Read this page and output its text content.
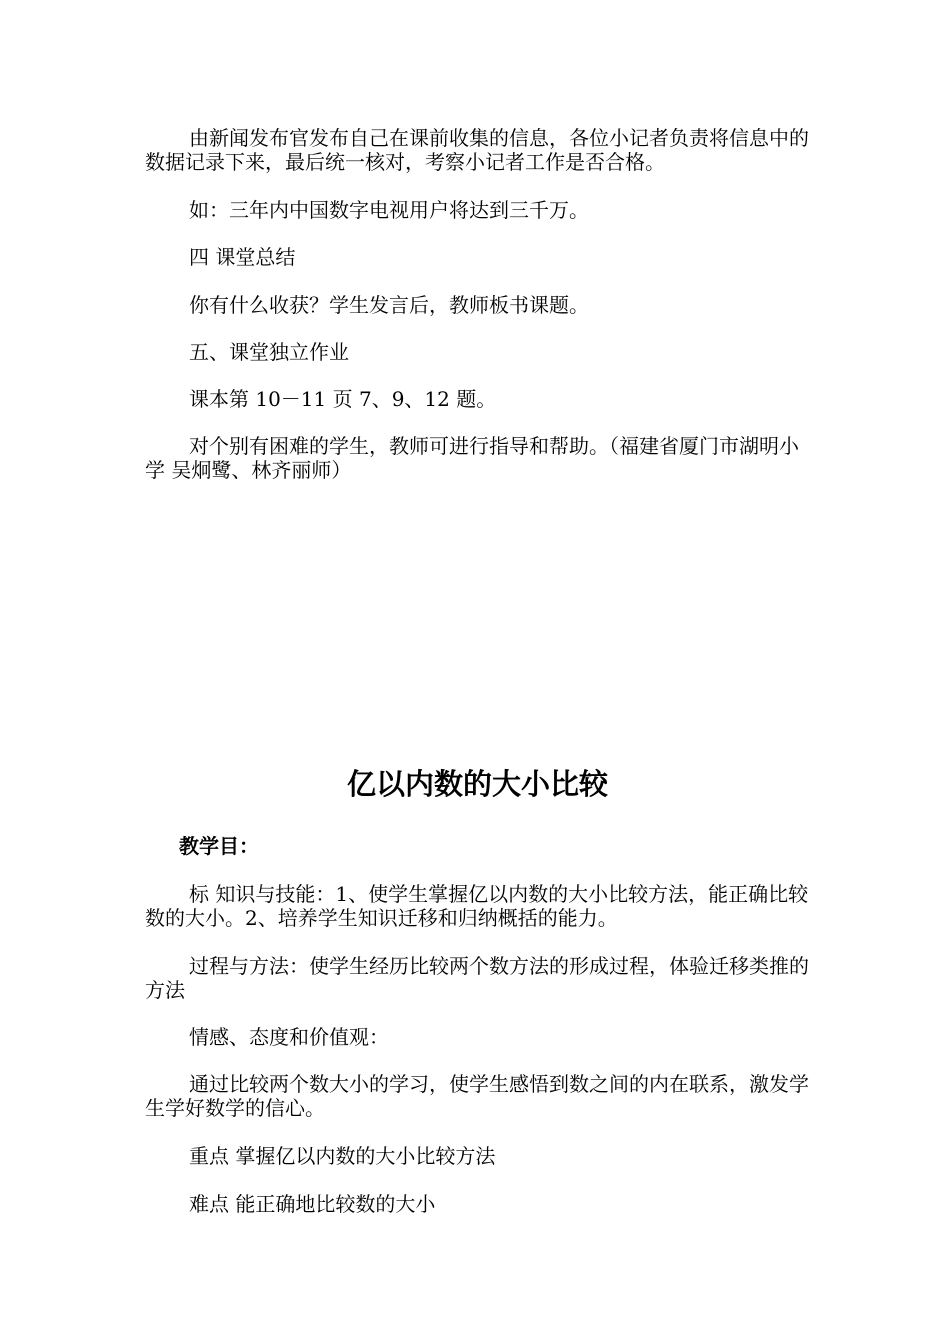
由新闻发布官发布自己在课前收集的信息，各位小记者负责将信息中的数据记录下来，最后统一核对，考察小记者工作是否合格。

如：三年内中国数字电视用户将达到三千万。

四 课堂总结

你有什么收获？学生发言后，教师板书课题。

五、课堂独立作业

课本第 10－11 页 7、9、12 题。

对个别有困难的学生，教师可进行指导和帮助。（福建省厦门市湖明小学 吴炯鹭、林齐丽师）

亿以内数的大小比较
教学目：

标 知识与技能：1、使学生掌握亿以内数的大小比较方法，能正确比较数的大小。2、培养学生知识迁移和归纳概括的能力。

过程与方法：使学生经历比较两个数方法的形成过程，体验迁移类推的方法

情感、态度和价值观：

通过比较两个数大小的学习，使学生感悟到数之间的内在联系，激发学生学好数学的信心。

重点 掌握亿以内数的大小比较方法

难点 能正确地比较数的大小
